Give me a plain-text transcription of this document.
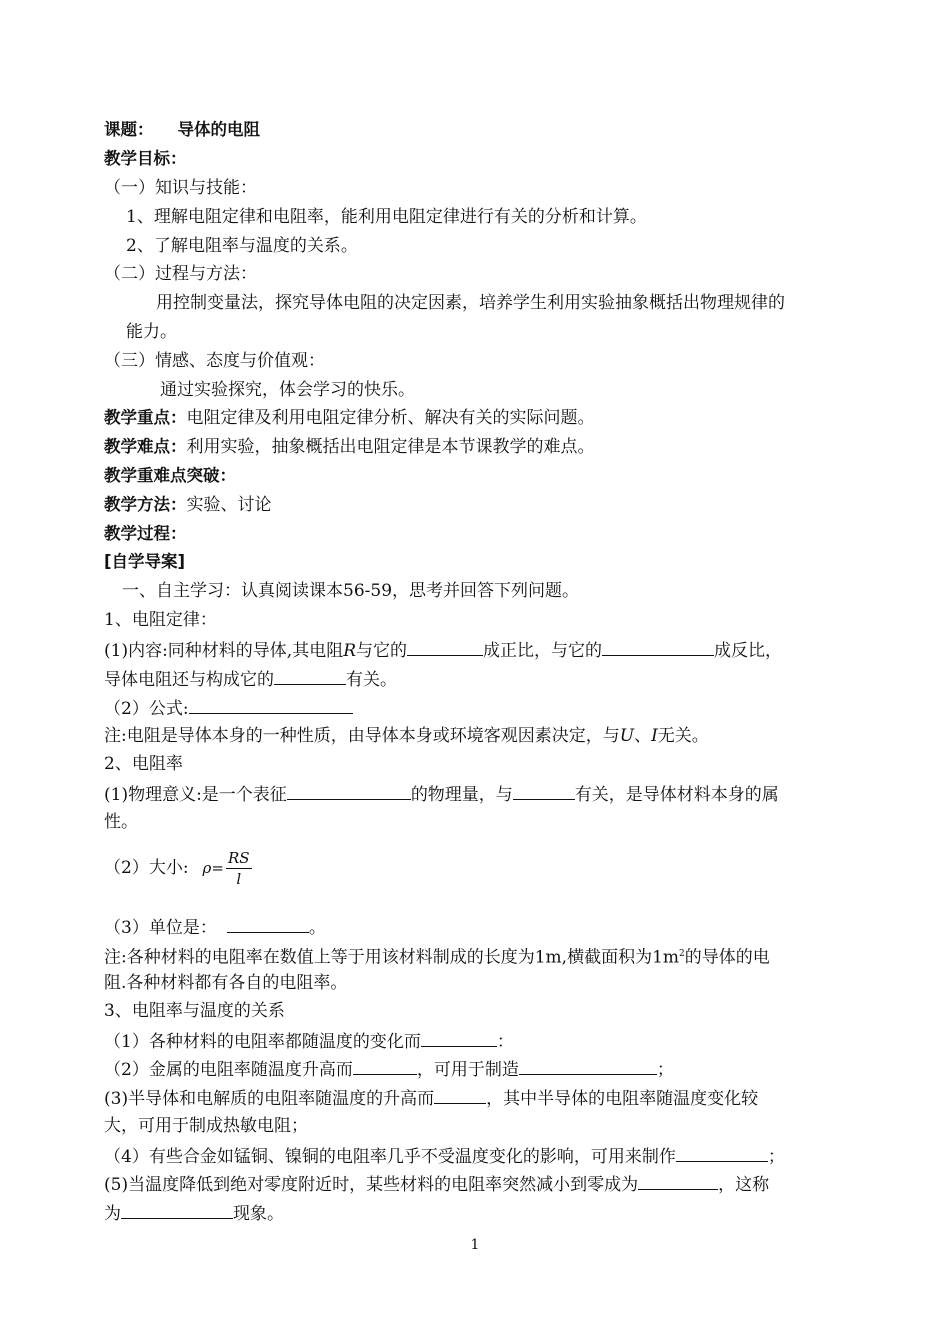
课题： 导体的电阻
教学目标：
（一）知识与技能：
1、理解电阻定律和电阻率，能利用电阻定律进行有关的分析和计算。
2、了解电阻率与温度的关系。
（二）过程与方法：
用控制变量法，探究导体电阻的决定因素，培养学生利用实验抽象概括出物理规律的
能力。
（三）情感、态度与价值观：
通过实验探究，体会学习的快乐。
教学重点：电阻定律及利用电阻定律分析、解决有关的实际问题。
教学难点：利用实验，抽象概括出电阻定律是本节课教学的难点。
教学重难点突破：
教学方法：实验、讨论
教学过程：
[自学导案]
一、自主学习：认真阅读课本56-59，思考并回答下列问题。
1、电阻定律：
(1)内容:同种材料的导体,其电阻R与它的	成正比，与它的	成反比，
导体电阻还与构成它的	有关。
（2）公式:
注:电阻是导体本身的一种性质，由导体本身或环境客观因素决定，与U、I无关。
2、电阻率
(1)物理意义:是一个表征	的物理量，与	有关，是导体材料本身的属
性。
（2）大小: $\rho= \frac{RS}{l}$
（3）单位是：	。
注:各种材料的电阻率在数值上等于用该材料制成的长度为1m,横截面积为$1m^2$的导体的电
阻.各种材料都有各自的电阻率。
3、电阻率与温度的关系
（1）各种材料的电阻率都随温度的变化而	：
（2）金属的电阻率随温度升高而	，可用于制造	；
(3)半导体和电解质的电阻率随温度的升高而	，其中半导体的电阻率随温度变化较
大，可用于制成热敏电阻；
（4）有些合金如锰铜、镍铜的电阻率几乎不受温度变化的影响，可用来制作	；
(5)当温度降低到绝对零度附近时，某些材料的电阻率突然减小到零成为	，这称
为	现象。
1
